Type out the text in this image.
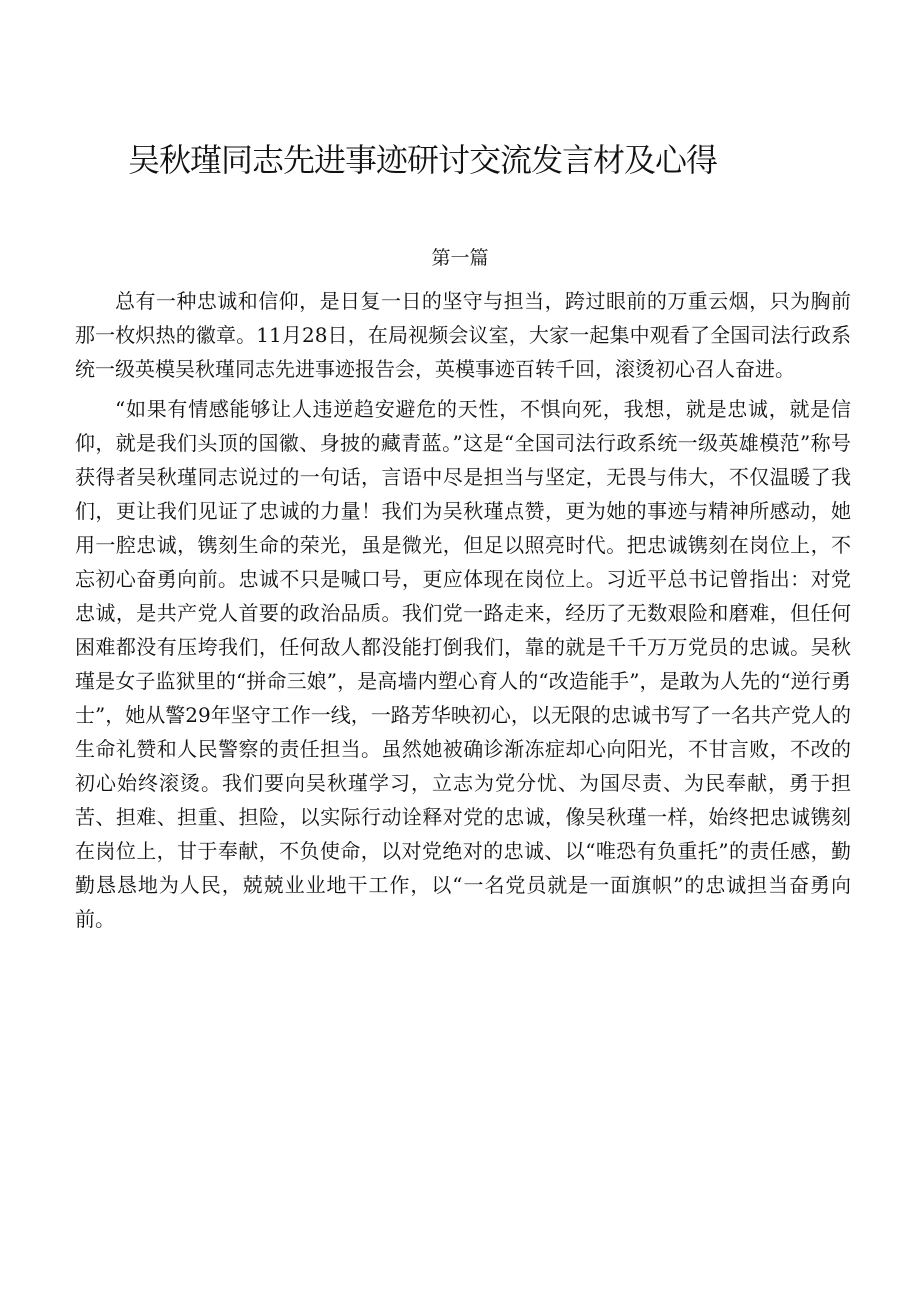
吴秋瑾同志先进事迹研讨交流发言材及心得
第一篇

总有一种忠诚和信仰，是日复一日的坚守与担当，跨过眼前的万重云烟，只为胸前那一枚炽热的徽章。11月28日，在局视频会议室，大家一起集中观看了全国司法行政系统一级英模吴秋瑾同志先进事迹报告会，英模事迹百转千回，滚烫初心召人奋进。

“如果有情感能够让人违逆趋安避危的天性，不惧向死，我想，就是忠诚，就是信仰，就是我们头顶的国徽、身披的藏青蓝。”这是“全国司法行政系统一级英雄模范”称号获得者吴秋瑾同志说过的一句话，言语中尽是担当与坚定，无畏与伟大，不仅温暖了我们，更让我们见证了忠诚的力量！我们为吴秋瑾点赞，更为她的事迹与精神所感动，她用一腔忠诚，镌刻生命的荣光，虽是微光，但足以照亮时代。把忠诚镌刻在岗位上，不忘初心奋勇向前。忠诚不只是喊口号，更应体现在岗位上。习近平总书记曾指出：对党忠诚，是共产党人首要的政治品质。我们党一路走来，经历了无数艰险和磨难，但任何困难都没有压垮我们，任何敌人都没能打倒我们，靠的就是千千万万党员的忠诚。吴秋瑾是女子监狱里的“拼命三娘”，是高墙内塑心育人的“改造能手”，是敢为人先的“逆行勇士”，她从警29年坚守工作一线，一路芳华映初心，以无限的忠诚书写了一名共产党人的生命礼赞和人民警察的责任担当。虽然她被确诊渐冻症却心向阳光，不甘言败，不改的初心始终滚烫。我们要向吴秋瑾学习，立志为党分忧、为国尽责、为民奉献，勇于担苦、担难、担重、担险，以实际行动诠释对党的忠诚，像吴秋瑾一样，始终把忠诚镌刻在岗位上，甘于奉献，不负使命，以对党绝对的忠诚、以“唯恐有负重托”的责任感，勤勤恳恳地为人民，兢兢业业地干工作，以“一名党员就是一面旗帜”的忠诚担当奋勇向前。
